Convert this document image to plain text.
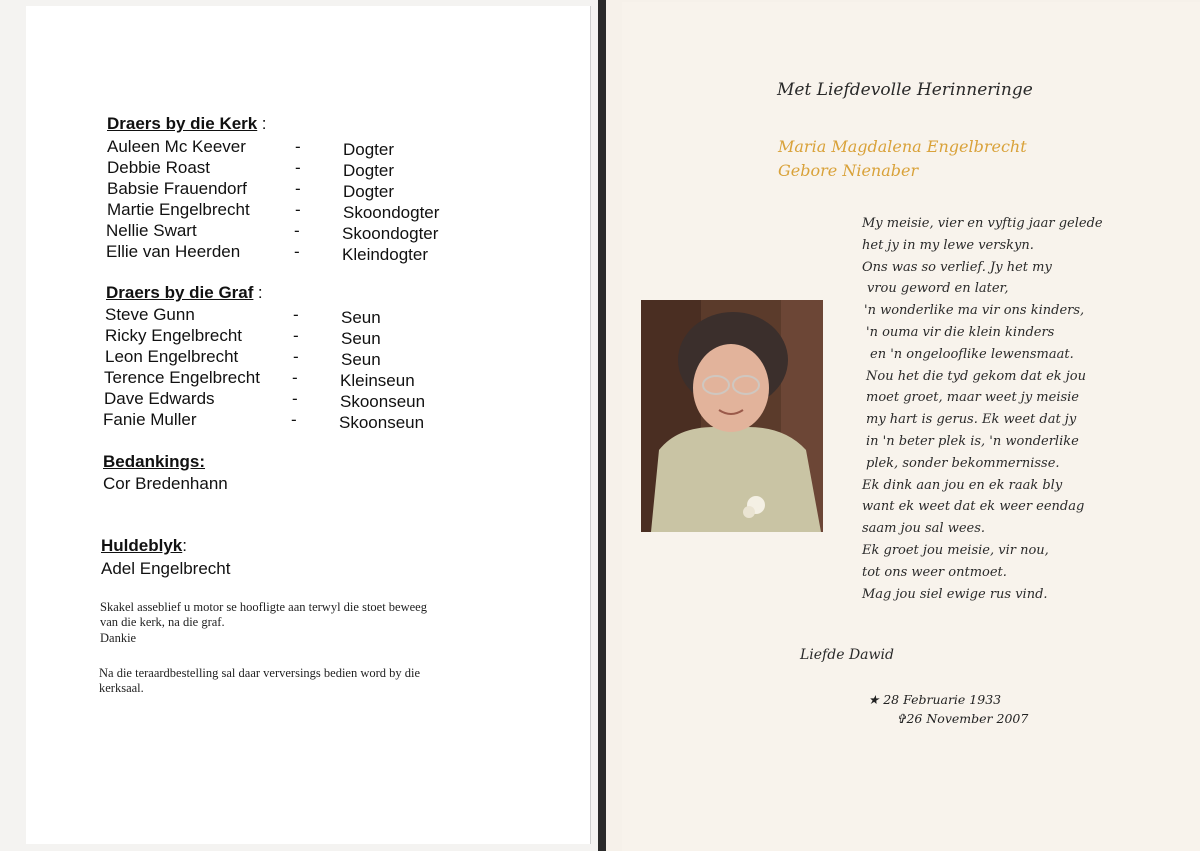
Draers by die Kerk :
Auleen Mc Keever	- Dogter
Debbie Roast	- Dogter
Babsie Frauendorf	- Dogter
Martie Engelbrecht	- Skoondogter
Nellie Swart	- Skoondogter
Ellie van Heerden	- Kleindogter
Draers by die Graf :
Steve Gunn	- Seun
Ricky Engelbrecht	- Seun
Leon Engelbrecht	- Seun
Terence Engelbrecht - Kleinseun
Dave Edwards	- Skoonseun
Fanie Muller	- Skoonseun
Bedankings:
Cor Bredenhann
Huldeblyk:
Adel Engelbrecht
Skakel asseblief u motor se hoofligte aan terwyl die stoet beweeg
van die kerk, na die graf.
Dankie
Na die teraardbestelling sal daar verversings bedien word by die
kerksaal.
Met Liefdevolle Herinneringe
Maria Magdalena Engelbrecht
Gebore Nienaber
My meisie, vier en vyftig jaar gelede
het jy in my lewe verskyn.
Ons was so verlief. Jy het my
vrou geword en later,
'n wonderlike ma vir ons kinders,
'n ouma vir die klein kinders
en 'n ongelooflike lewensmaat.
Nou het die tyd gekom dat ek jou
moet groet, maar weet jy meisie
my hart is gerus. Ek weet dat jy
in 'n beter plek is, 'n wonderlike
plek, sonder bekommernisse.
Ek dink aan jou en ek raak bly
want ek weet dat ek weer eendag
saam jou sal wees.
Ek groet jou meisie, vir nou,
tot ons weer ontmoet.
Mag jou siel ewige rus vind.
Liefde Dawid
★ 28 Februarie 1933
✞26 November 2007
